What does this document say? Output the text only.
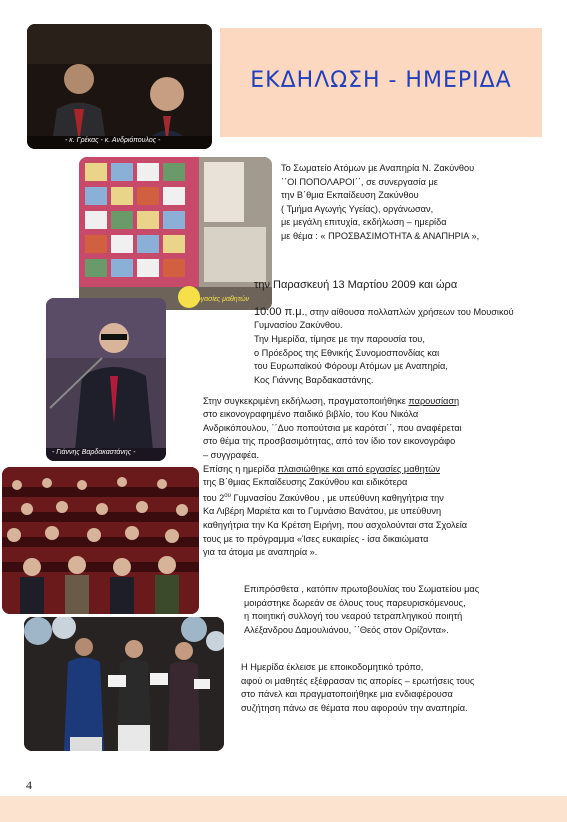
- κ. Γρέκας - κ. Ανδριόπουλος -
ΕΚΔΗΛΩΣΗ - ΗΜΕΡΙΔΑ
Εργασίες μαθητών
Το Σωματείο Ατόμων με Αναπηρία Ν. Ζακύνθου
΄΄ΟΙ ΠΟΠΟΛΑΡΟΙ΄΄, σε συνεργασία με
την Β΄θμια Εκπαίδευση Ζακύνθου
( Τμήμα Αγωγής Υγείας), οργάνωσαν,
με μεγάλη επιτυχία, εκδήλωση – ημερίδα
με θέμα : « ΠΡΟΣΒΑΣΙΜΟΤΗΤΑ & ΑΝΑΠΗΡΙΑ »,

την Παρασκευή 13 Μαρτίου 2009 και ώρα

10:00 π.μ., στην αίθουσα πολλαπλών χρήσεων του Μουσικού Γυμνασίου Ζακύνθου.
Την Ημερίδα, τίμησε με την παρουσία του,
ο Πρόεδρος της Εθνικής Συνομοσπονδίας και
του Ευρωπαϊκού Φόρουμ Ατόμων με Αναπηρία,
Κος Γιάννης Βαρδακαστάνης.

- Γιάννης Βαρδακαστάνης -

Στην συγκεκριμένη εκδήλωση, πραγματοποιήθηκε παρουσίαση
στο εικονογραφημένο παιδικό βιβλίο, του Κου Νικόλα
Ανδρικόπουλου, ΄΄Δυο ποπούτσια με καρότσι΄΄, που αναφέρεται
στο θέμα της προσβασιμότητας, από τον ίδιο τον εικονογράφο
– συγγραφέα.
Επίσης η ημερίδα πλαισιώθηκε και από εργασίες μαθητών
της Β΄θμιας Εκπαίδευσης Ζακύνθου και ειδικότερα
του $2^{o\upsilon}$ Γυμνασίου Ζακύνθου , με υπεύθυνη καθηγήτρια την
Κα Λιβέρη Μαριέτα και το Γυμνάσιο Βανάτου, με υπεύθυνη
καθηγήτρια την Κα Κρέτση Ειρήνη, που ασχολούνται στα Σχολεία
τους με το πρόγραμμα «Ίσες ευκαιρίες - ίσα δικαιώματα
για τα άτομα με αναπηρία ».

Επιπρόσθετα , κατόπιν πρωτοβουλίας του Σωματείου μας
μοιράστηκε δωρεάν σε όλους τους παρευρισκόμενους,
η ποιητική συλλογή του νεαρού τετραπληγικού ποιητή
Αλέξανδρου Δαμουλιάνου, ΄΄Θεός στον Ορίζοντα».
Η Ημερίδα έκλεισε με εποικοδομητικό τρόπο,
αφού οι μαθητές εξέφρασαν τις απορίες – ερωτήσεις τους
στο πάνελ και πραγματοποιήθηκε μια ενδιαφέρουσα
συζήτηση πάνω σε θέματα που αφορούν την αναπηρία.
4
